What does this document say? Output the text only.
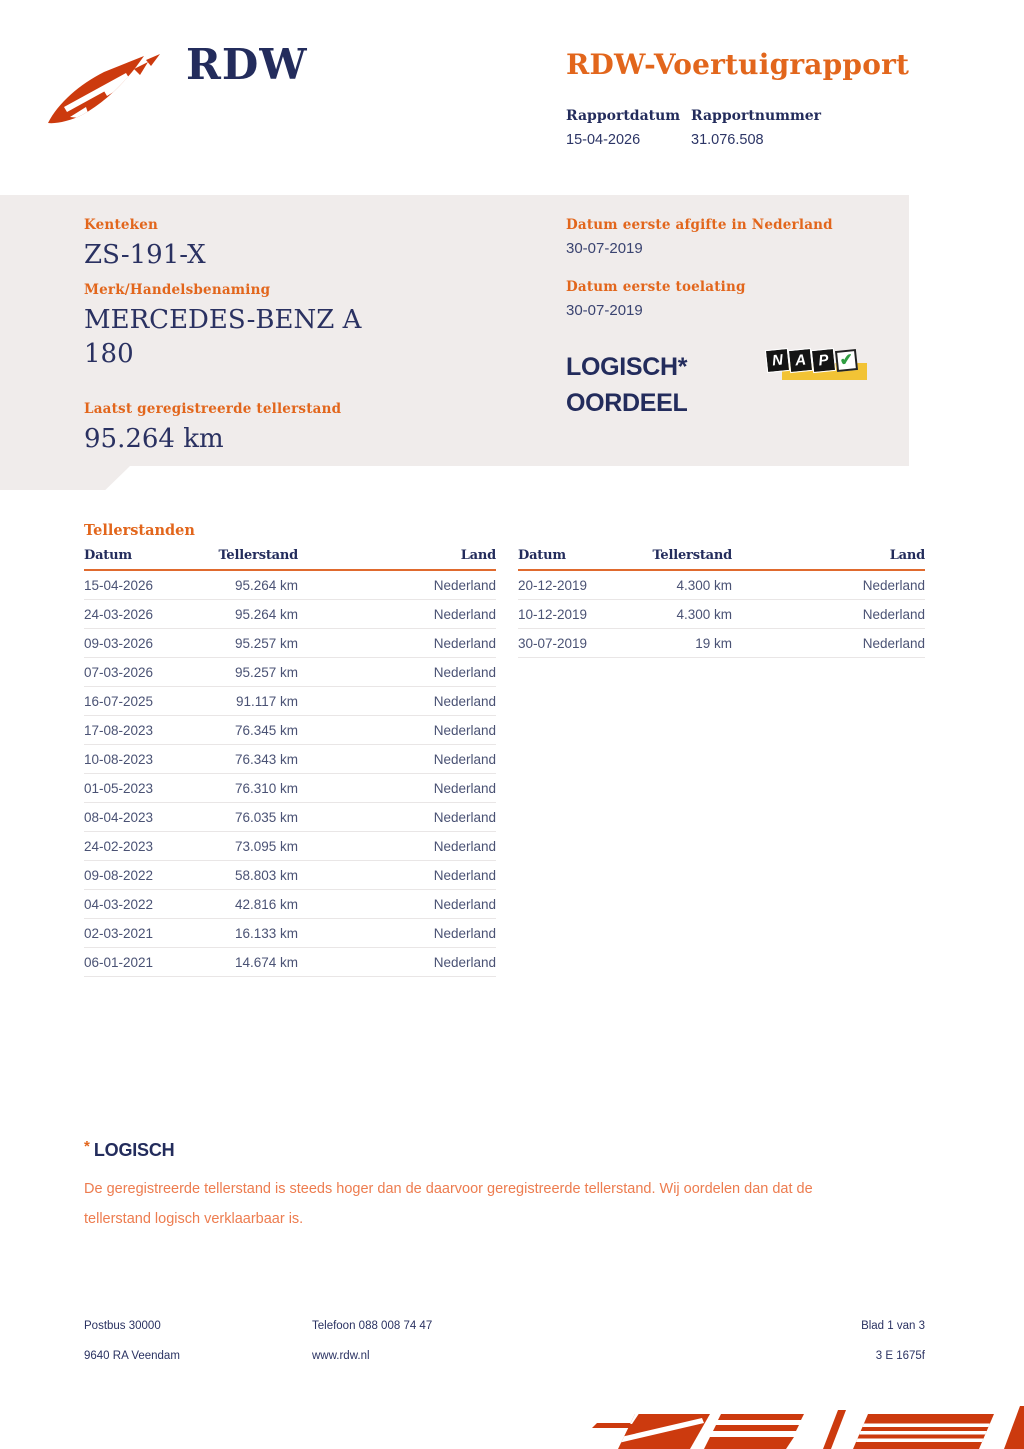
RDW	RDW-Voertuigrapport
Rapportdatum
15-04-2026
Rapportnummer
31.076.508
Kenteken
ZS-191-X
Merk/Handelsbenaming
MERCEDES-BENZ A 180
Laatst geregistreerde tellerstand
95.264 km
Datum eerste afgifte in Nederland
30-07-2019
Datum eerste toelating
30-07-2019
LOGISCH*
OORDEEL
N A P ✔
Tellerstanden
Datum	Tellerstand	Land
15-04-2026	95.264 km	Nederland
24-03-2026	95.264 km	Nederland
09-03-2026	95.257 km	Nederland
07-03-2026	95.257 km	Nederland
16-07-2025	91.117 km	Nederland
17-08-2023	76.345 km	Nederland
10-08-2023	76.343 km	Nederland
01-05-2023	76.310 km	Nederland
08-04-2023	76.035 km	Nederland
24-02-2023	73.095 km	Nederland
09-08-2022	58.803 km	Nederland
04-03-2022	42.816 km	Nederland
02-03-2021	16.133 km	Nederland
06-01-2021	14.674 km	Nederland
Datum	Tellerstand	Land
20-12-2019	4.300 km	Nederland
10-12-2019	4.300 km	Nederland
30-07-2019	19 km	Nederland
* LOGISCH
De geregistreerde tellerstand is steeds hoger dan de daarvoor geregistreerde tellerstand. Wij oordelen dan dat de tellerstand logisch verklaarbaar is.
Postbus 30000
9640 RA Veendam
Telefoon 088 008 74 47
www.rdw.nl
Blad 1 van 3
3 E 1675f
